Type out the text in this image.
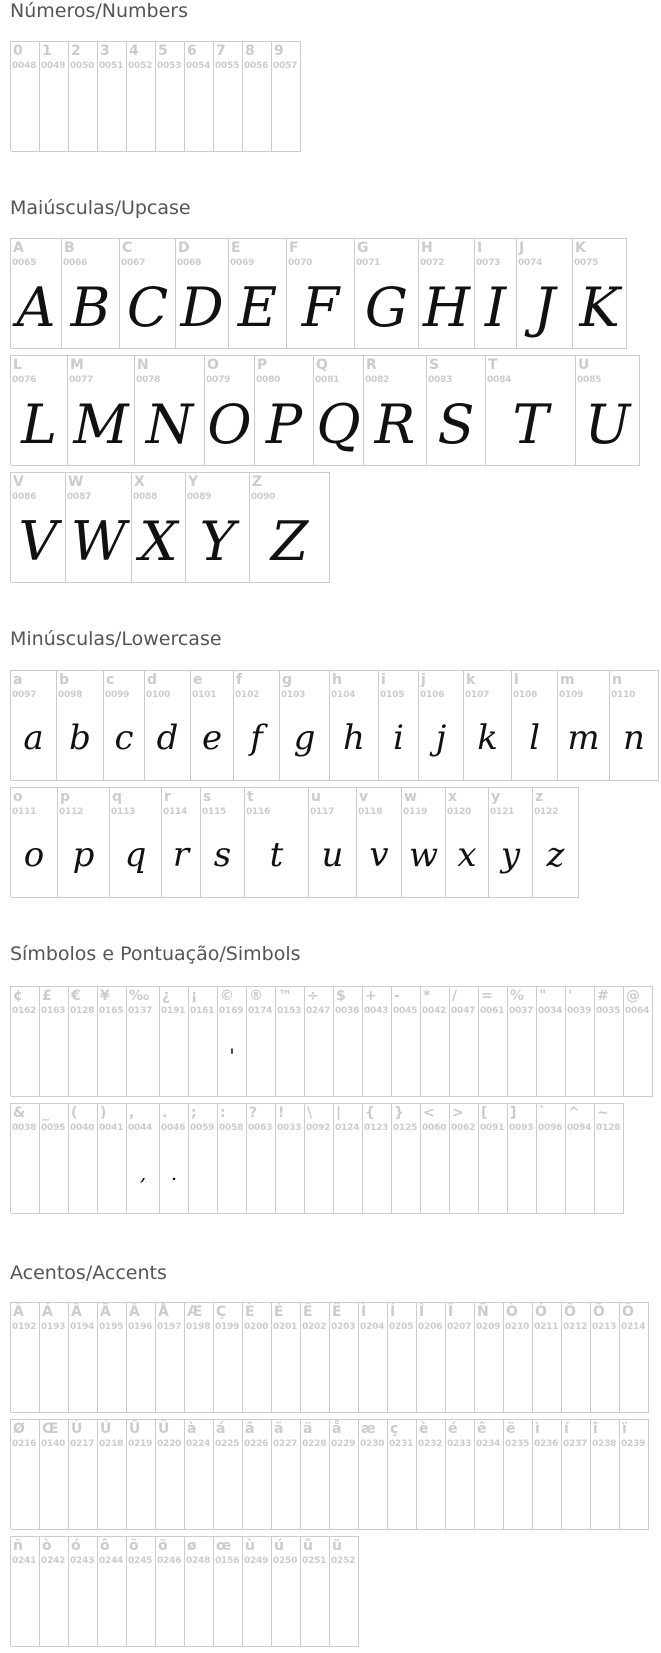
Números/Numbers
0
0048
1
0049
2
0050
3
0051
4
0052
5
0053
6
0054
7
0055
8
0056
9
0057
Maiúsculas/Upcase
A
0065
A
B
0066
B
C
0067
C
D
0068
D
E
0069
E
F
0070
F
G
0071
G
H
0072
H
I
0073
I
J
0074
J
K
0075
K
L
0076
L
M
0077
M
N
0078
N
O
0079
O
P
0080
P
Q
0081
Q
R
0082
R
S
0083
S
T
0084
T
U
0085
U
V
0086
V
W
0087
W
X
0088
X
Y
0089
Y
Z
0090
Z
Minúsculas/Lowercase
a
0097
a
b
0098
b
c
0099
c
d
0100
d
e
0101
e
f
0102
f
g
0103
g
h
0104
h
i
0105
i
j
0106
j
k
0107
k
l
0108
l
m
0109
m
n
0110
n
o
0111
o
p
0112
p
q
0113
q
r
0114
r
s
0115
s
t
0116
t
u
0117
u
v
0118
v
w
0119
w
x
0120
x
y
0121
y
z
0122
z
Símbolos e Pontuação/Simbols
¢
0162
£
0163
€
0128
¥
0165
‰
0137
¿
0191
¡
0161
©
0169
'
®
0174
™
0153
÷
0247
$
0036
+
0043
-
0045
*
0042
/
0047
=
0061
%
0037
"
0034
'
0039
#
0035
@
0064
&
0038
_
0095
(
0040
)
0041
,
0044
,
.
0046
.
;
0059
:
0058
?
0063
!
0033
\
0092
|
0124
{
0123
}
0125
<
0060
>
0062
[
0091
]
0093
`
0096
^
0094
~
0126
Acentos/Accents
À
0192
Á
0193
Â
0194
Ã
0195
Ä
0196
Å
0197
Æ
0198
Ç
0199
È
0200
É
0201
Ê
0202
Ë
0203
Ì
0204
Í
0205
Î
0206
Ï
0207
Ñ
0209
Ò
0210
Ó
0211
Ô
0212
Õ
0213
Ö
0214
Ø
0216
Œ
0140
Ù
0217
Ú
0218
Û
0219
Ü
0220
à
0224
á
0225
â
0226
ã
0227
ä
0228
å
0229
æ
0230
ç
0231
è
0232
é
0233
ê
0234
ë
0235
ì
0236
í
0237
î
0238
ï
0239
ñ
0241
ò
0242
ó
0243
ô
0244
õ
0245
ö
0246
ø
0248
œ
0156
ù
0249
ú
0250
û
0251
ü
0252
